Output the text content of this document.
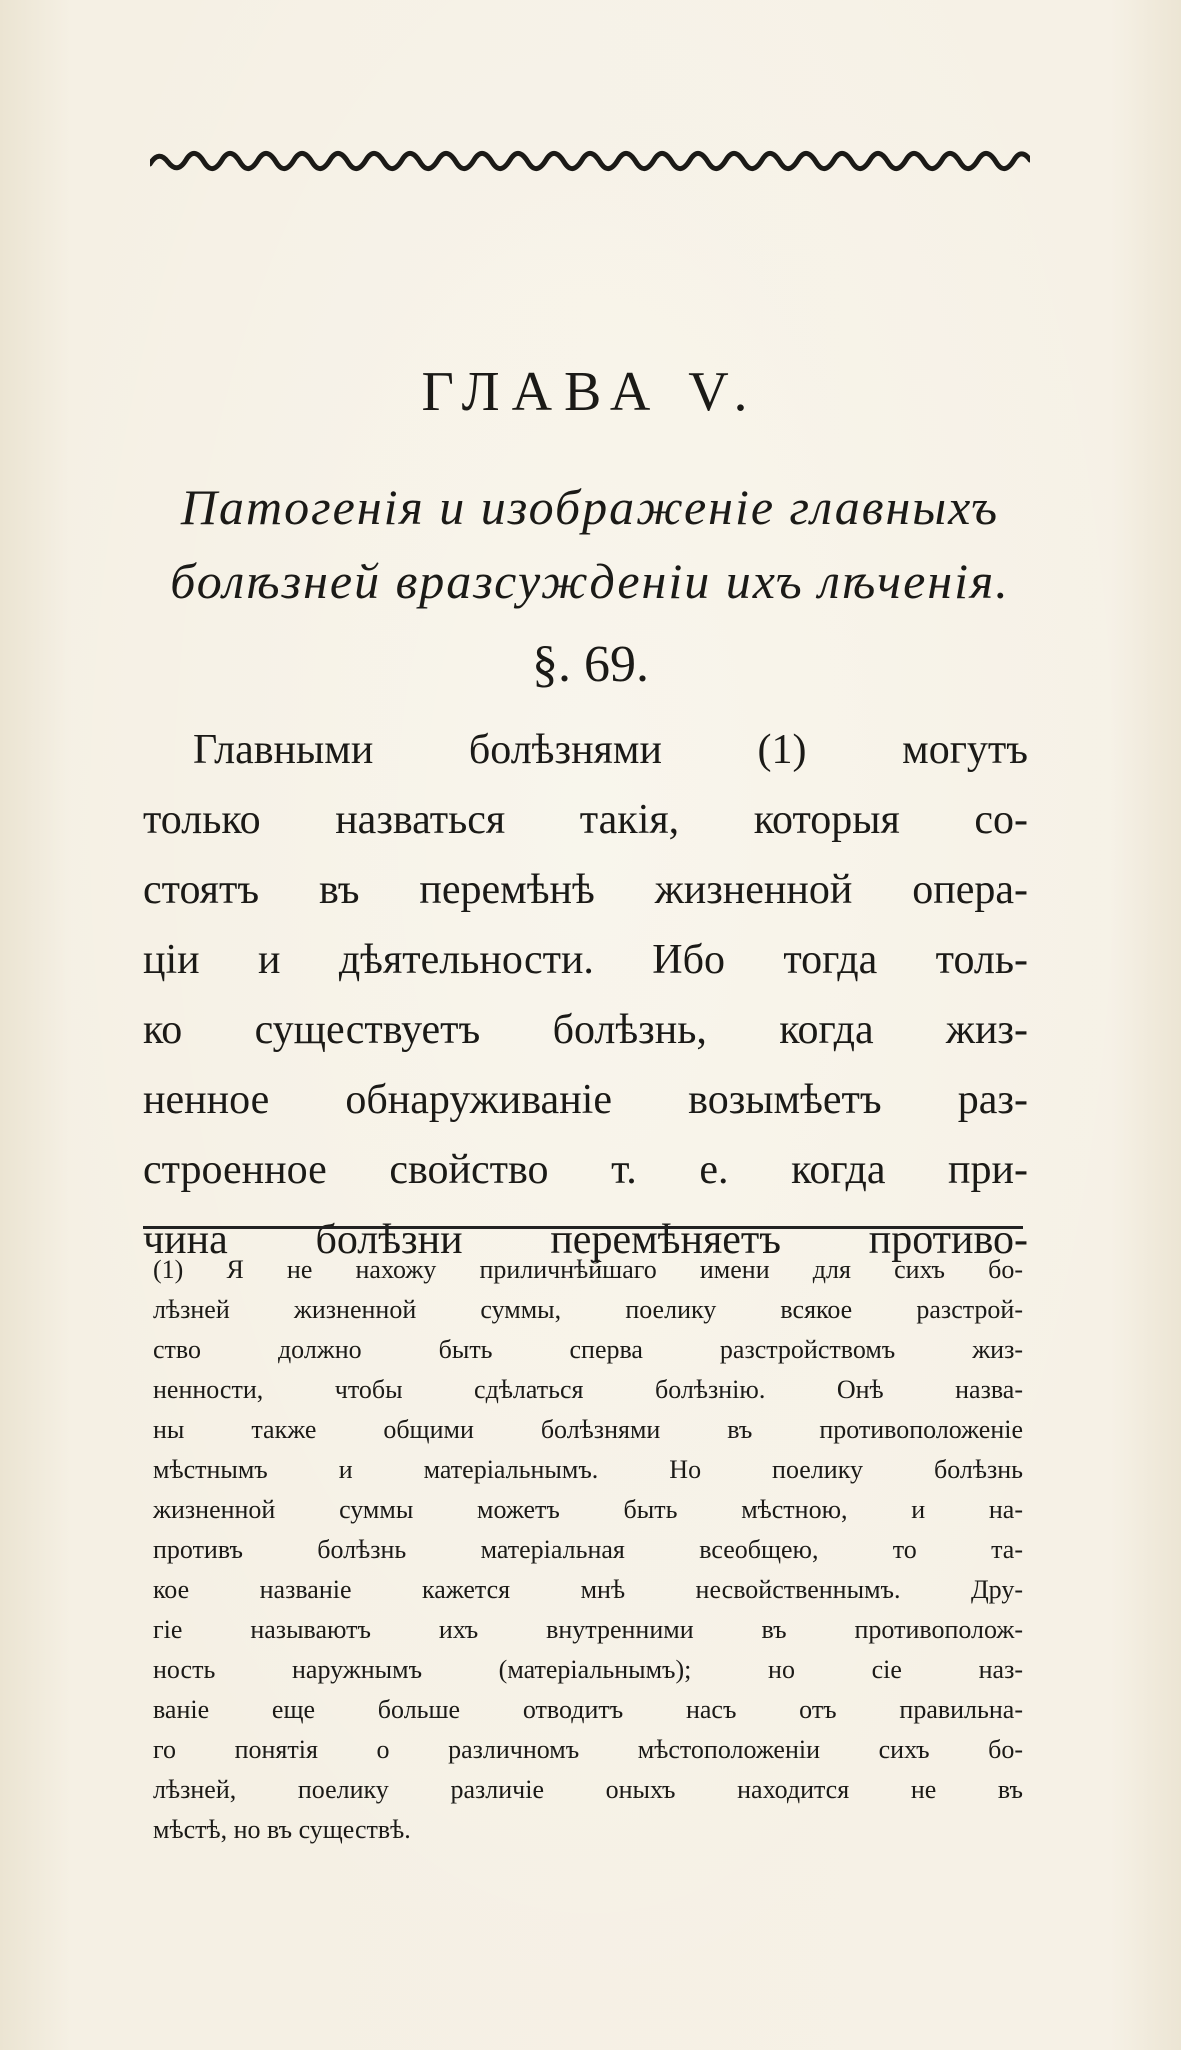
ГЛАВА V.
Патогенія и изображеніе главныхъ
болѣзней вразсужденіи ихъ лѣченія.
§. 69.
Главными болѣзнями (1) могутъ
только назваться такія, которыя со-
стоятъ въ перемѣнѣ жизненной опера-
ціи и дѣятельности. Ибо тогда толь-
ко существуетъ болѣзнь, когда жиз-
ненное обнаруживаніе возымѣетъ раз-
строенное свойство т. е. когда при-
чина болѣзни перемѣняетъ противо-
(1) Я не нахожу приличнѣйшаго имени для сихъ бо-
лѣзней жизненной суммы, поелику всякое разстрой-
ство должно быть сперва разстройствомъ жиз-
ненности, чтобы сдѣлаться болѣзнію. Онѣ назва-
ны также общими болѣзнями въ противоположеніе
мѣстнымъ и матеріальнымъ. Но поелику болѣзнь
жизненной суммы можетъ быть мѣстною, и на-
противъ болѣзнь матеріальная всеобщею, то та-
кое названіе кажется мнѣ несвойственнымъ. Дру-
гіе называютъ ихъ внутренними въ противополож-
ность наружнымъ (матеріальнымъ); но сіе наз-
ваніе еще больше отводитъ насъ отъ правильна-
го понятія о различномъ мѣстоположеніи сихъ бо-
лѣзней, поелику различіе оныхъ находится не въ
мѣстѣ, но въ существѣ.
